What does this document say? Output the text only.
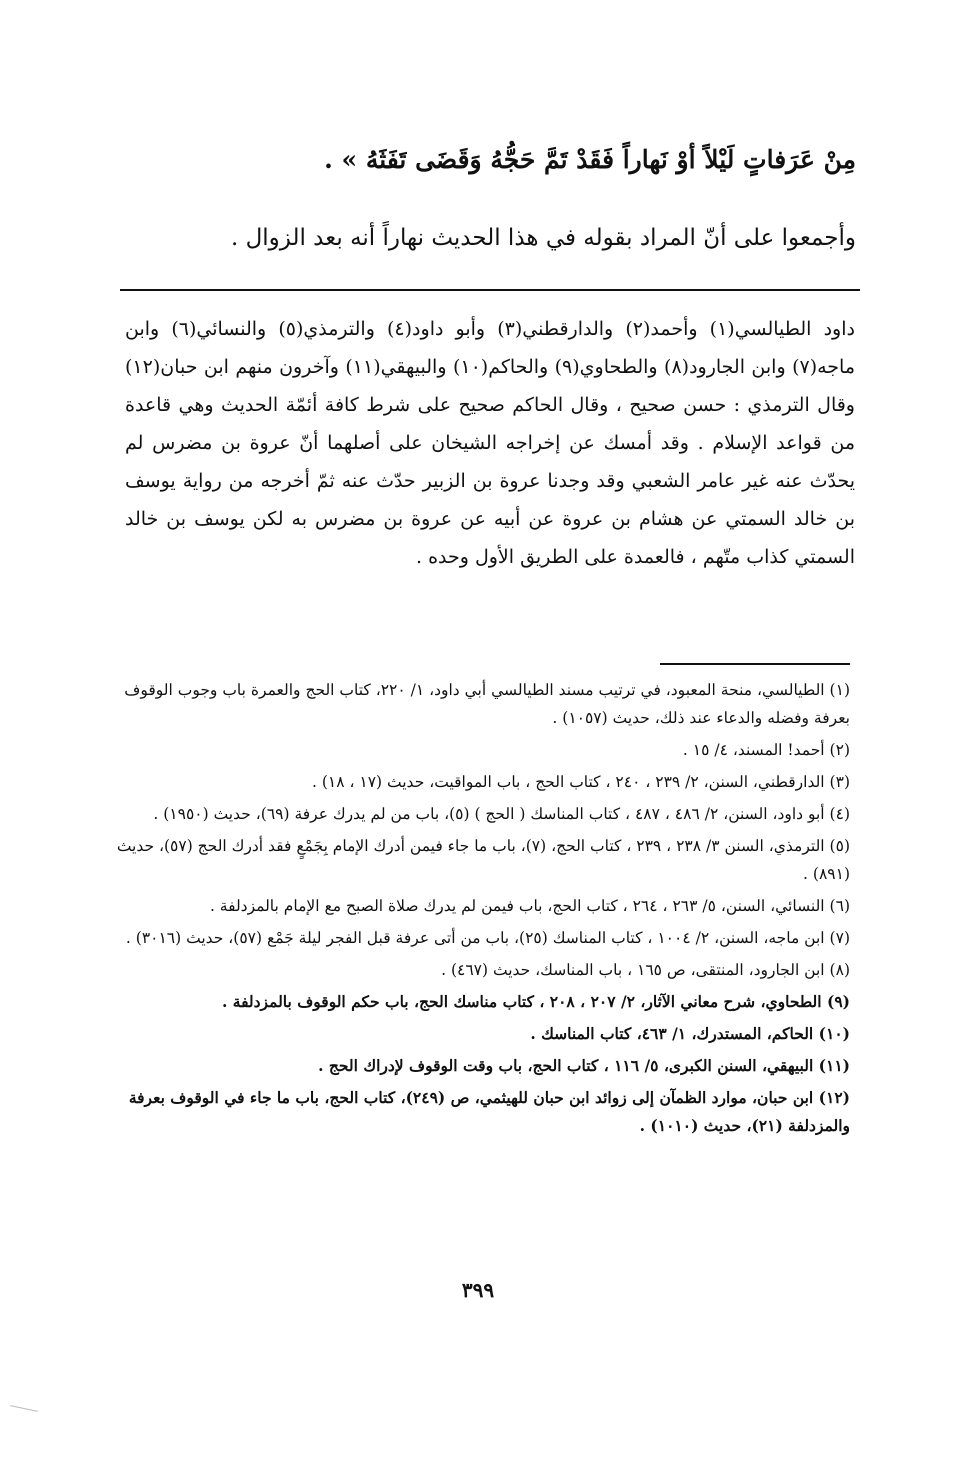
مِنْ عَرَفاتٍ لَيْلاً أوْ نَهاراً فَقَدْ تَمَّ حَجُّهُ وَقَضَى تَفَثَهُ » .
وأجمعوا على أنّ المراد بقوله في هذا الحديث نهاراً أنه بعد الزوال .

داود الطيالسي(١) وأحمد(٢) والدارقطني(٣) وأبو داود(٤) والترمذي(٥) والنسائي(٦) وابن ماجه(٧) وابن الجارود(٨) والطحاوي(٩) والحاكم(١٠) والبيهقي(١١) وآخرون منهم ابن حبان(١٢) وقال الترمذي : حسن صحيح ، وقال الحاكم صحيح على شرط كافة أئمّة الحديث وهي قاعدة من قواعد الإسلام . وقد أمسك عن إخراجه الشيخان على أصلهما أنّ عروة بن مضرس لم يحدّث عنه غير عامر الشعبي وقد وجدنا عروة بن الزبير حدّث عنه ثمّ أخرجه من رواية يوسف بن خالد السمتي عن هشام بن عروة عن أبيه عن عروة بن مضرس به لكن يوسف بن خالد السمتي كذاب متّهم ، فالعمدة على الطريق الأول وحده .

(١) الطيالسي، منحة المعبود، في ترتيب مسند الطيالسي أبي داود، ١/ ٢٢٠، كتاب الحج والعمرة باب وجوب الوقوف بعرفة وفضله والدعاء عند ذلك، حديث (١٠٥٧) .
(٢) أحمد! المسند، ٤/ ١٥ .
(٣) الدارقطني، السنن، ٢/ ٢٣٩ ، ٢٤٠ ، كتاب الحج ، باب المواقيت، حديث (١٧ ، ١٨) .
(٤) أبو داود، السنن، ٢/ ٤٨٦ ، ٤٨٧ ، كتاب المناسك ( الحج ) (٥)، باب من لم يدرك عرفة (٦٩)، حديث (١٩٥٠) .
(٥) الترمذي، السنن ٣/ ٢٣٨ ، ٢٣٩ ، كتاب الحج، (٧)، باب ما جاء فيمن أدرك الإمام بِجَمْعٍ فقد أدرك الحج (٥٧)، حديث (٨٩١) .
(٦) النسائي، السنن، ٥/ ٢٦٣ ، ٢٦٤ ، كتاب الحج، باب فيمن لم يدرك صلاة الصبح مع الإمام بالمزدلفة .
(٧) ابن ماجه، السنن، ٢/ ١٠٠٤ ، كتاب المناسك (٢٥)، باب من أتى عرفة قبل الفجر ليلة جَمْع (٥٧)، حديث (٣٠١٦) .
(٨) ابن الجارود، المنتقى، ص ١٦٥ ، باب المناسك، حديث (٤٦٧) .
(٩) الطحاوي، شرح معاني الآثار، ٢/ ٢٠٧ ، ٢٠٨ ، كتاب مناسك الحج، باب حكم الوقوف بالمزدلفة .
(١٠) الحاكم، المستدرك، ١/ ٤٦٣، كتاب المناسك .
(١١) البيهقي، السنن الكبرى، ٥/ ١١٦ ، كتاب الحج، باب وقت الوقوف لإدراك الحج .
(١٢) ابن حبان، موارد الظمآن إلى زوائد ابن حبان للهيثمي، ص (٢٤٩)، كتاب الحج، باب ما جاء في الوقوف بعرفة والمزدلفة (٢١)، حديث (١٠١٠) .
٣٩٩
